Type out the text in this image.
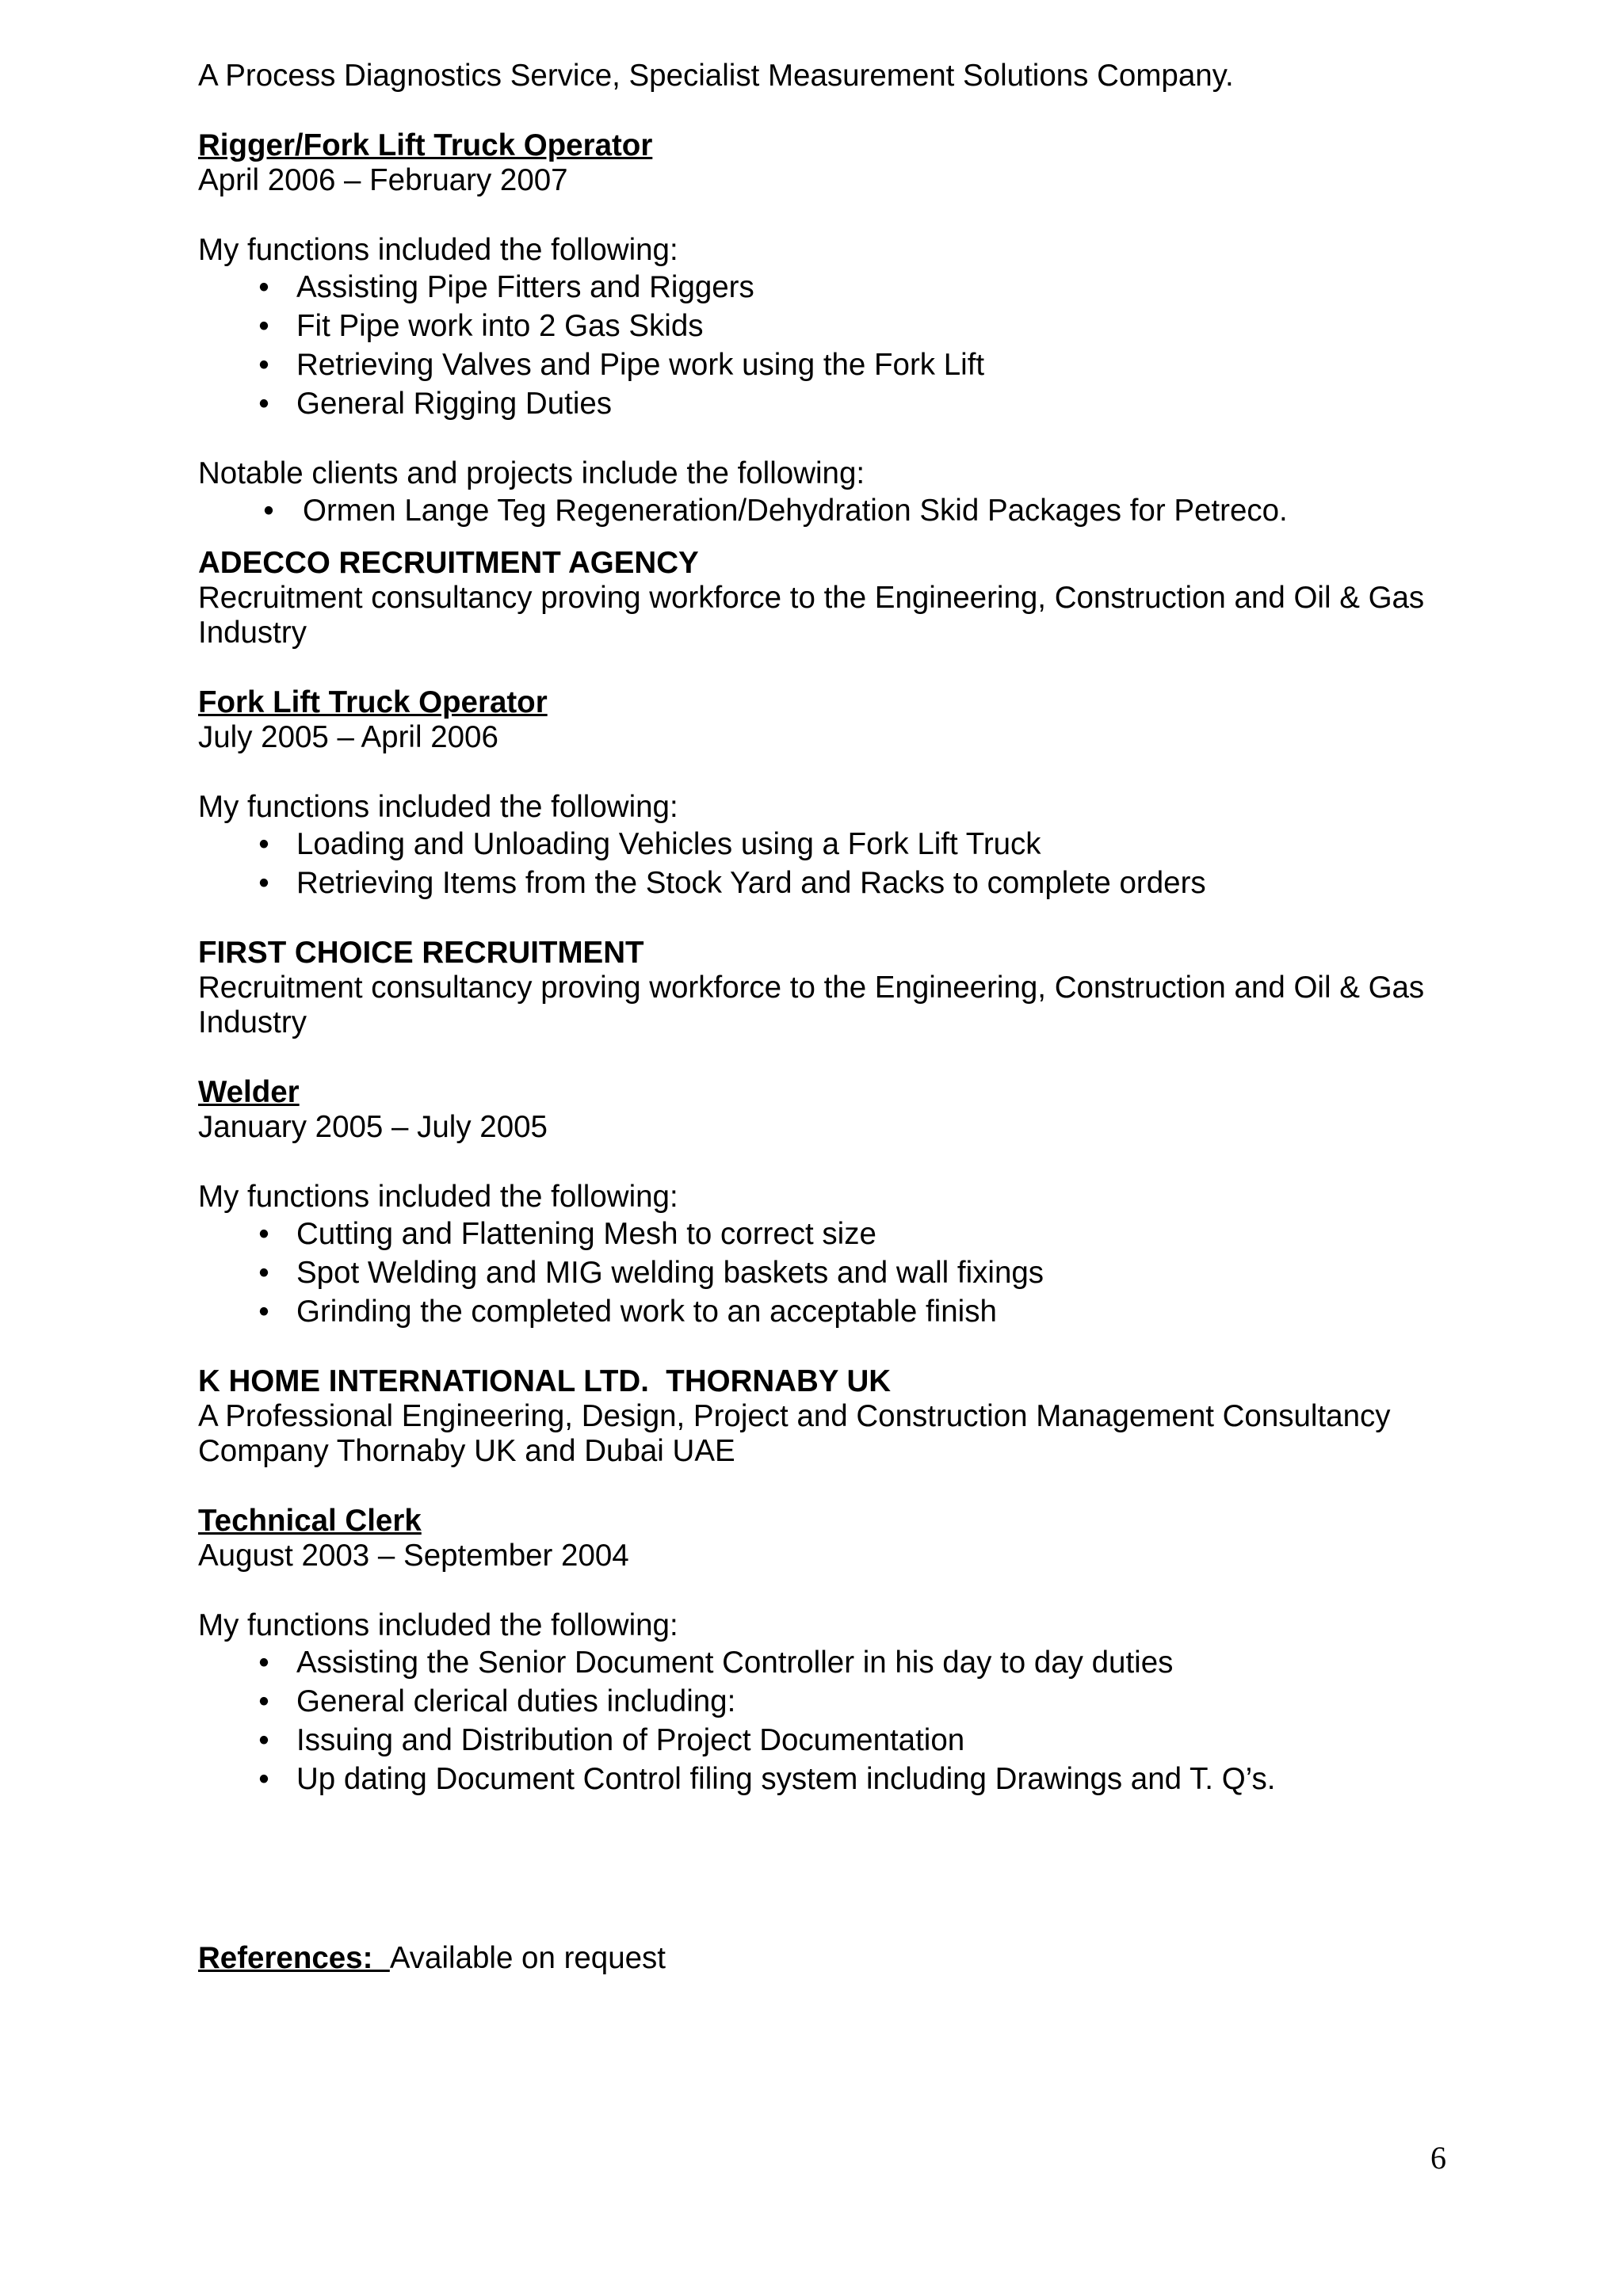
A Process Diagnostics Service, Specialist Measurement Solutions Company.

Rigger/Fork Lift Truck Operator

April 2006 – February 2007

My functions included the following:

• Assisting Pipe Fitters and Riggers
• Fit Pipe work into 2 Gas Skids
• Retrieving Valves and Pipe work using the Fork Lift
• General Rigging Duties

Notable clients and projects include the following:

• Ormen Lange Teg Regeneration/Dehydration Skid Packages for Petreco.

ADECCO RECRUITMENT AGENCY

Recruitment consultancy proving workforce to the Engineering, Construction and Oil & Gas Industry

Fork Lift Truck Operator

July 2005 – April 2006

My functions included the following:

• Loading and Unloading Vehicles using a Fork Lift Truck
• Retrieving Items from the Stock Yard and Racks to complete orders

FIRST CHOICE RECRUITMENT

Recruitment consultancy proving workforce to the Engineering, Construction and Oil & Gas Industry

Welder

January 2005 – July 2005

My functions included the following:

• Cutting and Flattening Mesh to correct size
• Spot Welding and MIG welding baskets and wall fixings
• Grinding the completed work to an acceptable finish

K HOME INTERNATIONAL LTD.  THORNABY UK

A Professional Engineering, Design, Project and Construction Management Consultancy Company Thornaby UK and Dubai UAE

Technical Clerk

August 2003 – September 2004

My functions included the following:

• Assisting the Senior Document Controller in his day to day duties
• General clerical duties including:
• Issuing and Distribution of Project Documentation
• Up dating Document Control filing system including Drawings and T. Q’s.

References:  Available on request

6
